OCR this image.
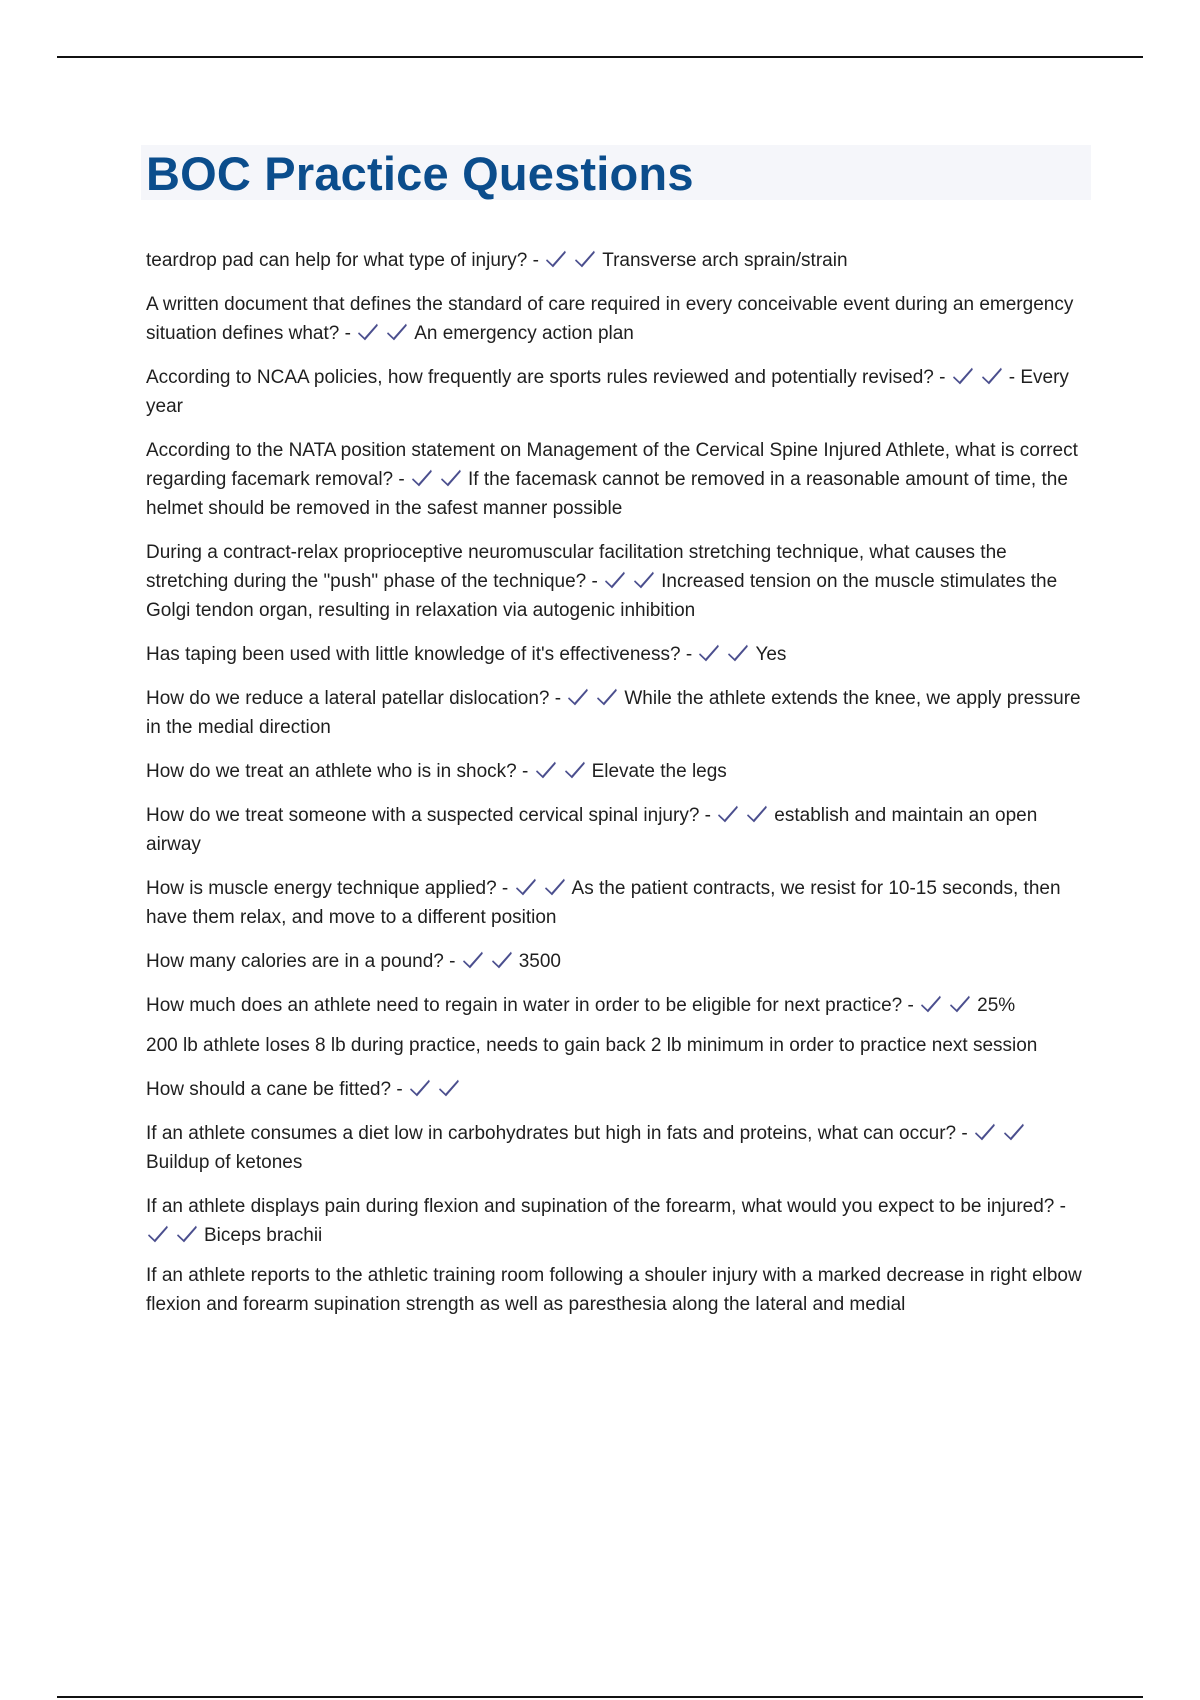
BOC Practice Questions
teardrop pad can help for what type of injury? -	Transverse arch sprain/strain
A written document that defines the standard of care required in every conceivable event during an emergency situation defines what? -	An emergency action plan
According to NCAA policies, how frequently are sports rules reviewed and potentially revised? -	- Every year
According to the NATA position statement on Management of the Cervical Spine Injured Athlete, what is correct regarding facemark removal? -	If the facemask cannot be removed in a reasonable amount of time, the helmet should be removed in the safest manner possible
During a contract-relax proprioceptive neuromuscular facilitation stretching technique, what causes the stretching during the "push" phase of the technique? -	Increased tension on the muscle stimulates the Golgi tendon organ, resulting in relaxation via autogenic inhibition
Has taping been used with little knowledge of it's effectiveness? -	Yes
How do we reduce a lateral patellar dislocation? -	While the athlete extends the knee, we apply pressure in the medial direction
How do we treat an athlete who is in shock? -	Elevate the legs
How do we treat someone with a suspected cervical spinal injury? -	establish and maintain an open airway
How is muscle energy technique applied? -	As the patient contracts, we resist for 10-15 seconds, then have them relax, and move to a different position
How many calories are in a pound? -	3500
How much does an athlete need to regain in water in order to be eligible for next practice? -	25%
200 lb athlete loses 8 lb during practice, needs to gain back 2 lb minimum in order to practice next session
How should a cane be fitted? -
If an athlete consumes a diet low in carbohydrates but high in fats and proteins, what can occur? -
Buildup of ketones
If an athlete displays pain during flexion and supination of the forearm, what would you expect to be injured? -
Biceps brachii
If an athlete reports to the athletic training room following a shouler injury with a marked decrease in right elbow flexion and forearm supination strength as well as paresthesia along the lateral and medial
